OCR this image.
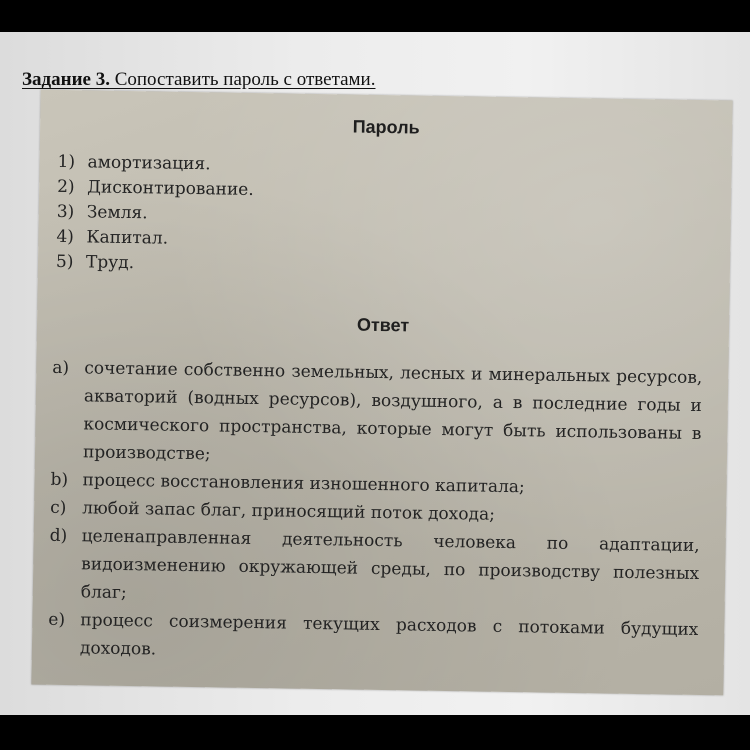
Задание 3. Сопоставить пароль с ответами.
Пароль
1) амортизация.
2) Дисконтирование.
3) Земля.
4) Капитал.
5) Труд.
Ответ
a) сочетание собственно земельных, лесных и минеральных ресурсов, акваторий (водных ресурсов), воздушного, а в последние годы и космического пространства, которые могут быть использованы в производстве;
b) процесс восстановления изношенного капитала;
c) любой запас благ, приносящий поток дохода;
d) целенаправленная деятельность человека по адаптации, видоизменению окружающей среды, по производству полезных благ;
e) процесс соизмерения текущих расходов с потоками будущих доходов.
